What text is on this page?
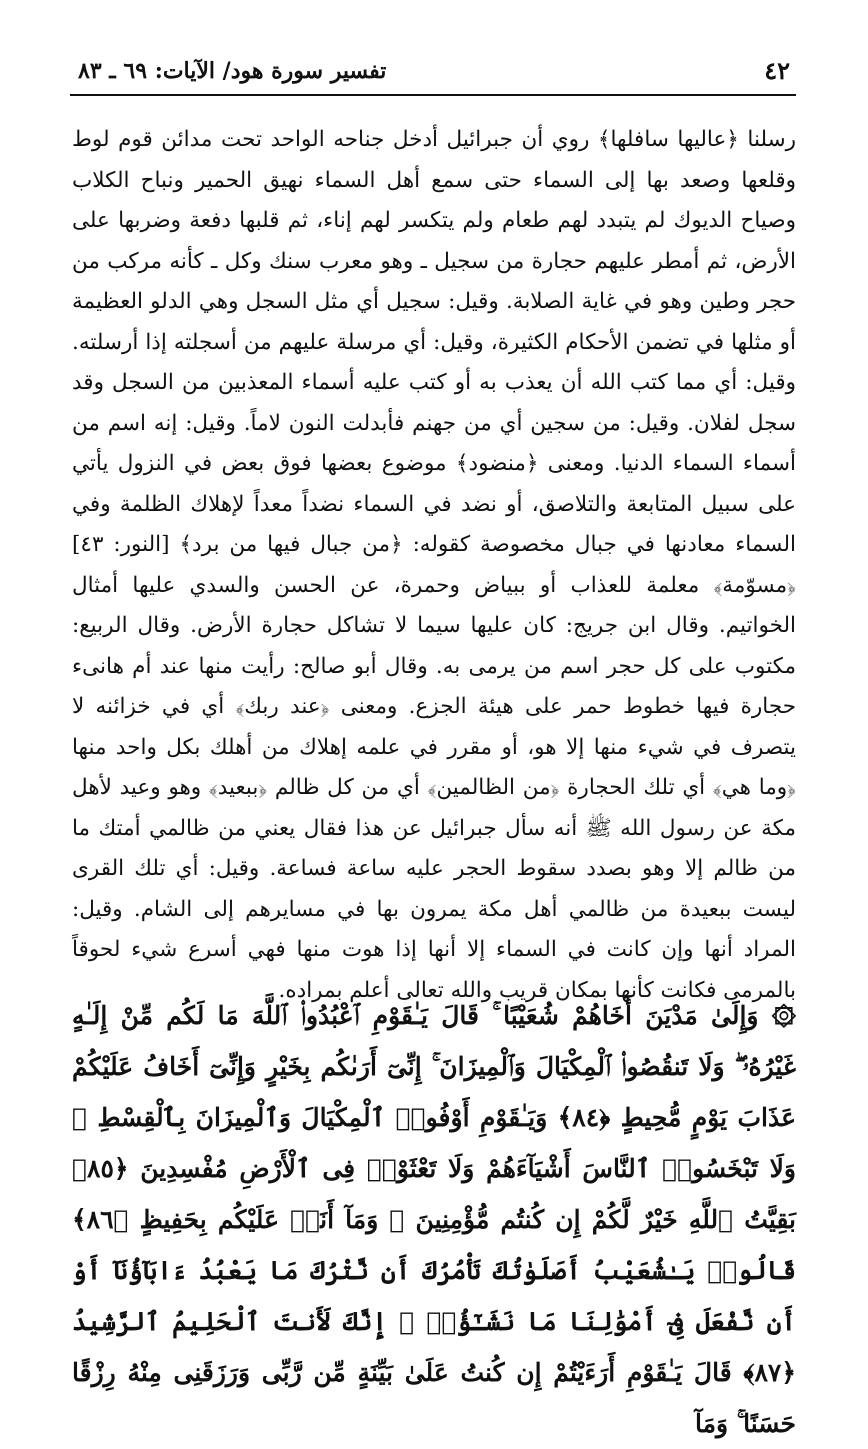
٤٢
تفسير سورة هود/ الآيات: ٦٩ ـ ٨٣

رسلنا ﴿عاليها سافلها﴾ روي أن جبرائيل أدخل جناحه الواحد تحت مدائن قوم لوط وقلعها وصعد بها إلى السماء حتى سمع أهل السماء نهيق الحمير ونباح الكلاب وصياح الديوك لم يتبدد لهم طعام ولم يتكسر لهم إناء، ثم قلبها دفعة وضربها على الأرض، ثم أمطر عليهم حجارة من سجيل ـ وهو معرب سنك وكل ـ كأنه مركب من حجر وطين وهو في غاية الصلابة. وقيل: سجيل أي مثل السجل وهي الدلو العظيمة أو مثلها في تضمن الأحكام الكثيرة، وقيل: أي مرسلة عليهم من أسجلته إذا أرسلته. وقيل: أي مما كتب الله أن يعذب به أو كتب عليه أسماء المعذبين من السجل وقد سجل لفلان. وقيل: من سجين أي من جهنم فأبدلت النون لاماً. وقيل: إنه اسم من أسماء السماء الدنيا. ومعنى ﴿منضود﴾ موضوع بعضها فوق بعض في النزول يأتي على سبيل المتابعة والتلاصق، أو نضد في السماء نضداً معداً لإهلاك الظلمة وفي السماء معادنها في جبال مخصوصة كقوله: ﴿من جبال فيها من برد﴾ [النور: ٤٣] ﴿مسوّمة﴾ معلمة للعذاب أو ببياض وحمرة، عن الحسن والسدي عليها أمثال الخواتيم. وقال ابن جريج: كان عليها سيما لا تشاكل حجارة الأرض. وقال الربيع: مكتوب على كل حجر اسم من يرمى به. وقال أبو صالح: رأيت منها عند أم هانىء حجارة فيها خطوط حمر على هيئة الجزع. ومعنى ﴿عند ربك﴾ أي في خزائنه لا يتصرف في شيء منها إلا هو، أو مقرر في علمه إهلاك من أهلك بكل واحد منها ﴿وما هي﴾ أي تلك الحجارة ﴿من الظالمين﴾ أي من كل ظالم ﴿ببعيد﴾ وهو وعيد لأهل مكة عن رسول الله ﷺ أنه سأل جبرائيل عن هذا فقال يعني من ظالمي أمتك ما من ظالم إلا وهو بصدد سقوط الحجر عليه ساعة فساعة. وقيل: أي تلك القرى ليست ببعيدة من ظالمي أهل مكة يمرون بها في مسايرهم إلى الشام. وقيل: المراد أنها وإن كانت في السماء إلا أنها إذا هوت منها فهي أسرع شيء لحوقاً بالمرمى فكانت كأنها بمكان قريب والله تعالى أعلم بمراده.

۞ وَإِلَىٰ مَدْيَنَ أَخَاهُمْ شُعَيْبًا ۚ قَالَ يَـٰقَوْمِ ٱعْبُدُوا۟ ٱللَّهَ مَا لَكُم مِّنْ إِلَـٰهٍ غَيْرُهُۥ ۖ وَلَا تَنقُصُوا۟ ٱلْمِكْيَالَ وَٱلْمِيزَانَ ۚ إِنِّىٓ أَرَىٰكُم بِخَيْرٍ وَإِنِّىٓ أَخَافُ عَلَيْكُمْ عَذَابَ يَوْمٍ مُّحِيطٍ ﴿٨٤﴾ وَيَـٰقَوْمِ أَوْفُوا۟ ٱلْمِكْيَالَ وَٱلْمِيزَانَ بِٱلْقِسْطِ ۖ وَلَا تَبْخَسُوا۟ ٱلنَّاسَ أَشْيَآءَهُمْ وَلَا تَعْثَوْا۟ فِى ٱلْأَرْضِ مُفْسِدِينَ ﴿٨٥﴾ بَقِيَّتُ ٱللَّهِ خَيْرٌ لَّكُمْ إِن كُنتُم مُّؤْمِنِينَ ۚ وَمَآ أَنَا۠ عَلَيْكُم بِحَفِيظٍ ﴿٨٦﴾ قَالُوا۟ يَـٰشُعَيْبُ أَصَلَوٰتُكَ تَأْمُرُكَ أَن نَّتْرُكَ مَا يَعْبُدُ ءَابَآؤُنَآ أَوْ أَن نَّفْعَلَ فِىٓ أَمْوَٰلِنَا مَا نَشَـٰٓؤُا۟ ۖ إِنَّكَ لَأَنتَ ٱلْحَلِيمُ ٱلرَّشِيدُ ﴿٨٧﴾ قَالَ يَـٰقَوْمِ أَرَءَيْتُمْ إِن كُنتُ عَلَىٰ بَيِّنَةٍ مِّن رَّبِّى وَرَزَقَنِى مِنْهُ رِزْقًا حَسَنًا ۚ وَمَآ
